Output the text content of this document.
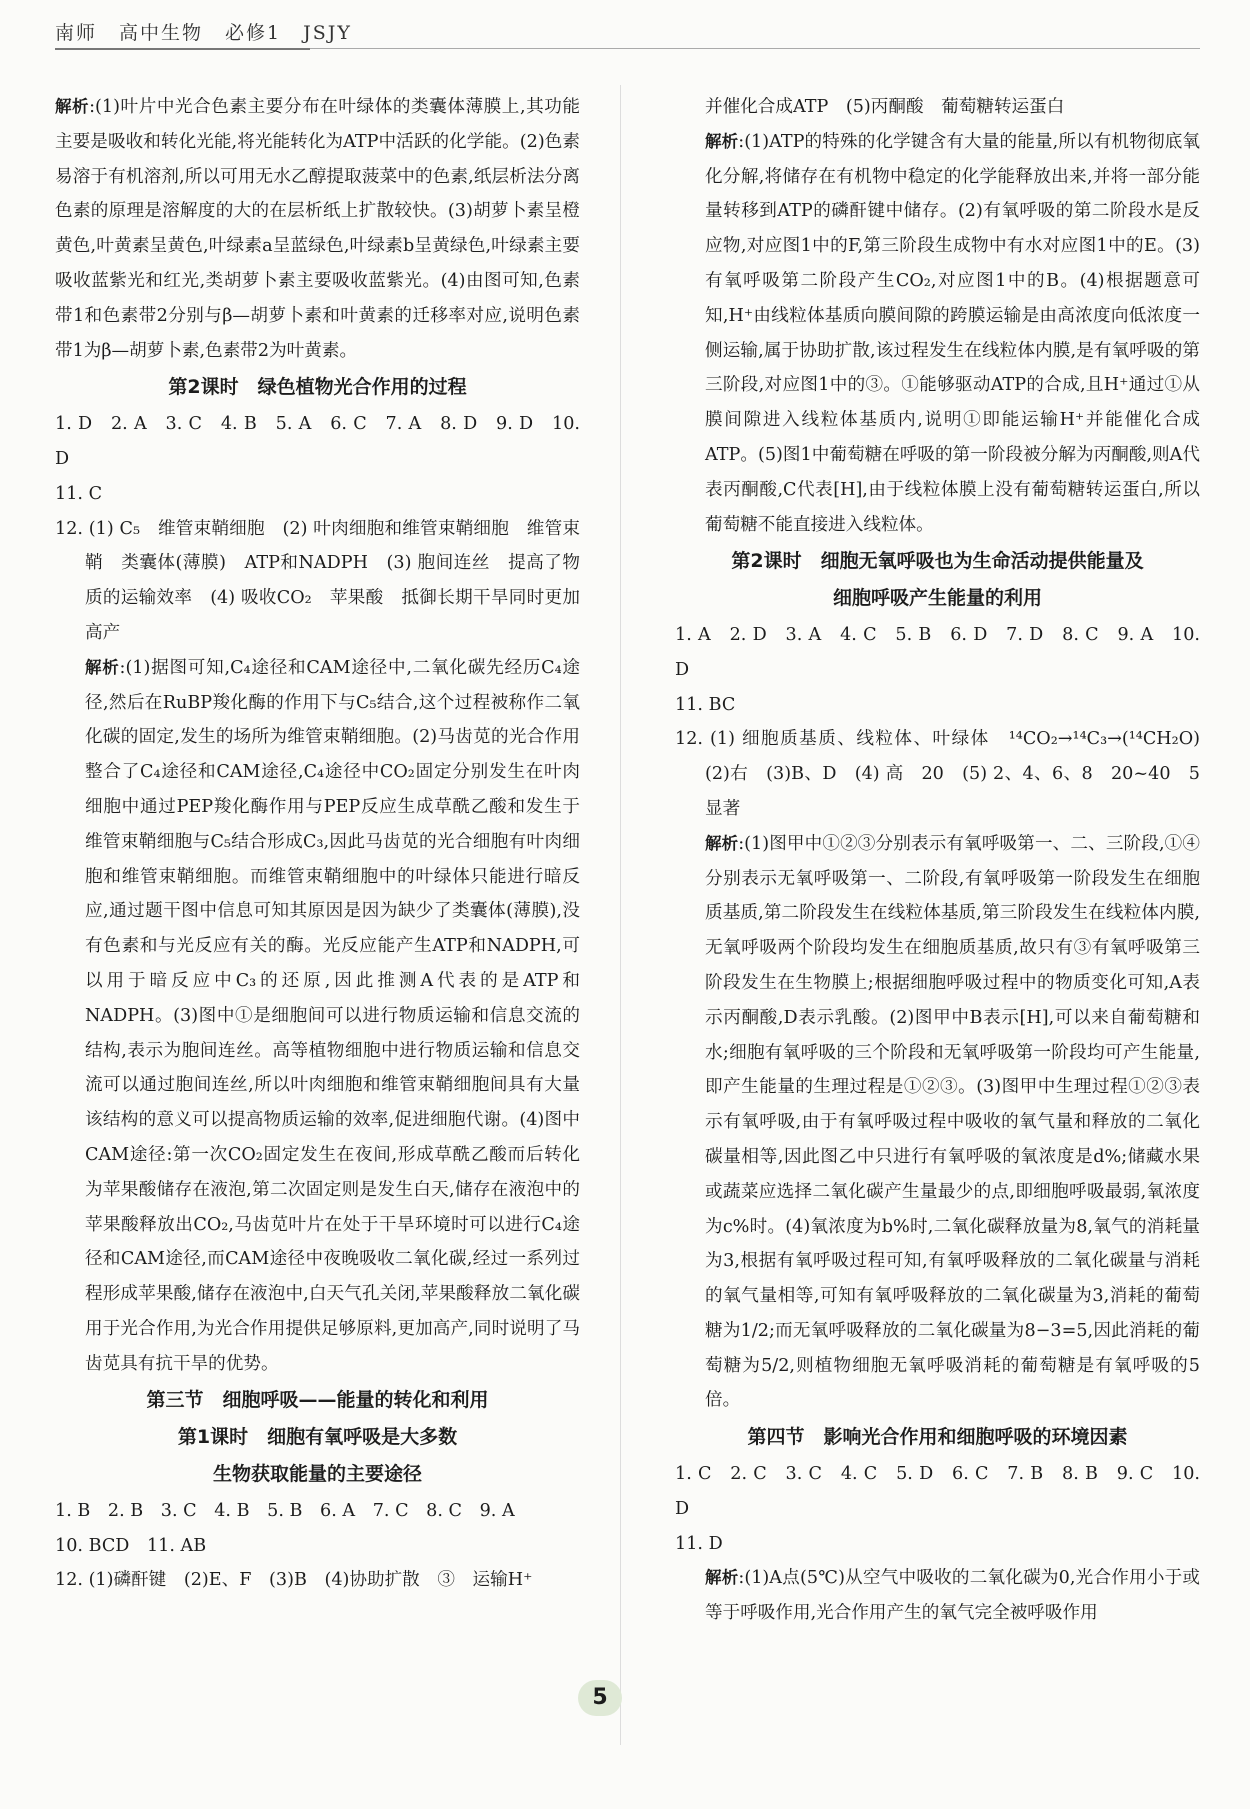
南师 高中生物 必修1 JSJY

解析:(1)叶片中光合色素主要分布在叶绿体的类囊体薄膜上,其功能主要是吸收和转化光能,将光能转化为ATP中活跃的化学能。(2)色素易溶于有机溶剂,所以可用无水乙醇提取菠菜中的色素,纸层析法分离色素的原理是溶解度的大的在层析纸上扩散较快。(3)胡萝卜素呈橙黄色,叶黄素呈黄色,叶绿素a呈蓝绿色,叶绿素b呈黄绿色,叶绿素主要吸收蓝紫光和红光,类胡萝卜素主要吸收蓝紫光。(4)由图可知,色素带1和色素带2分别与β—胡萝卜素和叶黄素的迁移率对应,说明色素带1为β—胡萝卜素,色素带2为叶黄素。

第2课时　绿色植物光合作用的过程

1. D　2. A　3. C　4. B　5. A　6. C　7. A　8. D　9. D　10. D

11. C

12. (1) C₅　维管束鞘细胞　(2) 叶肉细胞和维管束鞘细胞　维管束鞘　类囊体(薄膜)　ATP和NADPH　(3) 胞间连丝　提高了物质的运输效率　(4) 吸收CO₂　苹果酸　抵御长期干旱同时更加高产

解析:(1)据图可知,C₄途径和CAM途径中,二氧化碳先经历C₄途径,然后在RuBP羧化酶的作用下与C₅结合,这个过程被称作二氧化碳的固定,发生的场所为维管束鞘细胞。(2)马齿苋的光合作用整合了C₄途径和CAM途径,C₄途径中CO₂固定分别发生在叶肉细胞中通过PEP羧化酶作用与PEP反应生成草酰乙酸和发生于维管束鞘细胞与C₅结合形成C₃,因此马齿苋的光合细胞有叶肉细胞和维管束鞘细胞。而维管束鞘细胞中的叶绿体只能进行暗反应,通过题干图中信息可知其原因是因为缺少了类囊体(薄膜),没有色素和与光反应有关的酶。光反应能产生ATP和NADPH,可以用于暗反应中C₃的还原,因此推测A代表的是ATP和NADPH。(3)图中①是细胞间可以进行物质运输和信息交流的结构,表示为胞间连丝。高等植物细胞中进行物质运输和信息交流可以通过胞间连丝,所以叶肉细胞和维管束鞘细胞间具有大量该结构的意义可以提高物质运输的效率,促进细胞代谢。(4)图中CAM途径:第一次CO₂固定发生在夜间,形成草酰乙酸而后转化为苹果酸储存在液泡,第二次固定则是发生白天,储存在液泡中的苹果酸释放出CO₂,马齿苋叶片在处于干旱环境时可以进行C₄途径和CAM途径,而CAM途径中夜晚吸收二氧化碳,经过一系列过程形成苹果酸,储存在液泡中,白天气孔关闭,苹果酸释放二氧化碳用于光合作用,为光合作用提供足够原料,更加高产,同时说明了马齿苋具有抗干旱的优势。

第三节　细胞呼吸——能量的转化和利用

第1课时　细胞有氧呼吸是大多数

生物获取能量的主要途径

1. B　2. B　3. C　4. B　5. B　6. A　7. C　8. C　9. A

10. BCD　11. AB

12. (1)磷酐键　(2)E、F　(3)B　(4)协助扩散　③　运输H⁺

并催化合成ATP　(5)丙酮酸　葡萄糖转运蛋白

解析:(1)ATP的特殊的化学键含有大量的能量,所以有机物彻底氧化分解,将储存在有机物中稳定的化学能释放出来,并将一部分能量转移到ATP的磷酐键中储存。(2)有氧呼吸的第二阶段水是反应物,对应图1中的F,第三阶段生成物中有水对应图1中的E。(3)有氧呼吸第二阶段产生CO₂,对应图1中的B。(4)根据题意可知,H⁺由线粒体基质向膜间隙的跨膜运输是由高浓度向低浓度一侧运输,属于协助扩散,该过程发生在线粒体内膜,是有氧呼吸的第三阶段,对应图1中的③。①能够驱动ATP的合成,且H⁺通过①从膜间隙进入线粒体基质内,说明①即能运输H⁺并能催化合成ATP。(5)图1中葡萄糖在呼吸的第一阶段被分解为丙酮酸,则A代表丙酮酸,C代表[H],由于线粒体膜上没有葡萄糖转运蛋白,所以葡萄糖不能直接进入线粒体。

第2课时　细胞无氧呼吸也为生命活动提供能量及

细胞呼吸产生能量的利用

1. A　2. D　3. A　4. C　5. B　6. D　7. D　8. C　9. A　10. D

11. BC

12. (1) 细胞质基质、线粒体、叶绿体　¹⁴CO₂→¹⁴C₃→(¹⁴CH₂O)　(2)右　(3)B、D　(4) 高　20　(5) 2、4、6、8　20~40　5　显著

解析:(1)图甲中①②③分别表示有氧呼吸第一、二、三阶段,①④分别表示无氧呼吸第一、二阶段,有氧呼吸第一阶段发生在细胞质基质,第二阶段发生在线粒体基质,第三阶段发生在线粒体内膜,无氧呼吸两个阶段均发生在细胞质基质,故只有③有氧呼吸第三阶段发生在生物膜上;根据细胞呼吸过程中的物质变化可知,A表示丙酮酸,D表示乳酸。(2)图甲中B表示[H],可以来自葡萄糖和水;细胞有氧呼吸的三个阶段和无氧呼吸第一阶段均可产生能量,即产生能量的生理过程是①②③。(3)图甲中生理过程①②③表示有氧呼吸,由于有氧呼吸过程中吸收的氧气量和释放的二氧化碳量相等,因此图乙中只进行有氧呼吸的氧浓度是d%;储藏水果或蔬菜应选择二氧化碳产生量最少的点,即细胞呼吸最弱,氧浓度为c%时。(4)氧浓度为b%时,二氧化碳释放量为8,氧气的消耗量为3,根据有氧呼吸过程可知,有氧呼吸释放的二氧化碳量与消耗的氧气量相等,可知有氧呼吸释放的二氧化碳量为3,消耗的葡萄糖为1/2;而无氧呼吸释放的二氧化碳量为8−3=5,因此消耗的葡萄糖为5/2,则植物细胞无氧呼吸消耗的葡萄糖是有氧呼吸的5倍。

第四节　影响光合作用和细胞呼吸的环境因素

1. C　2. C　3. C　4. C　5. D　6. C　7. B　8. B　9. C　10. D

11. D

解析:(1)A点(5℃)从空气中吸收的二氧化碳为0,光合作用小于或等于呼吸作用,光合作用产生的氧气完全被呼吸作用

5
